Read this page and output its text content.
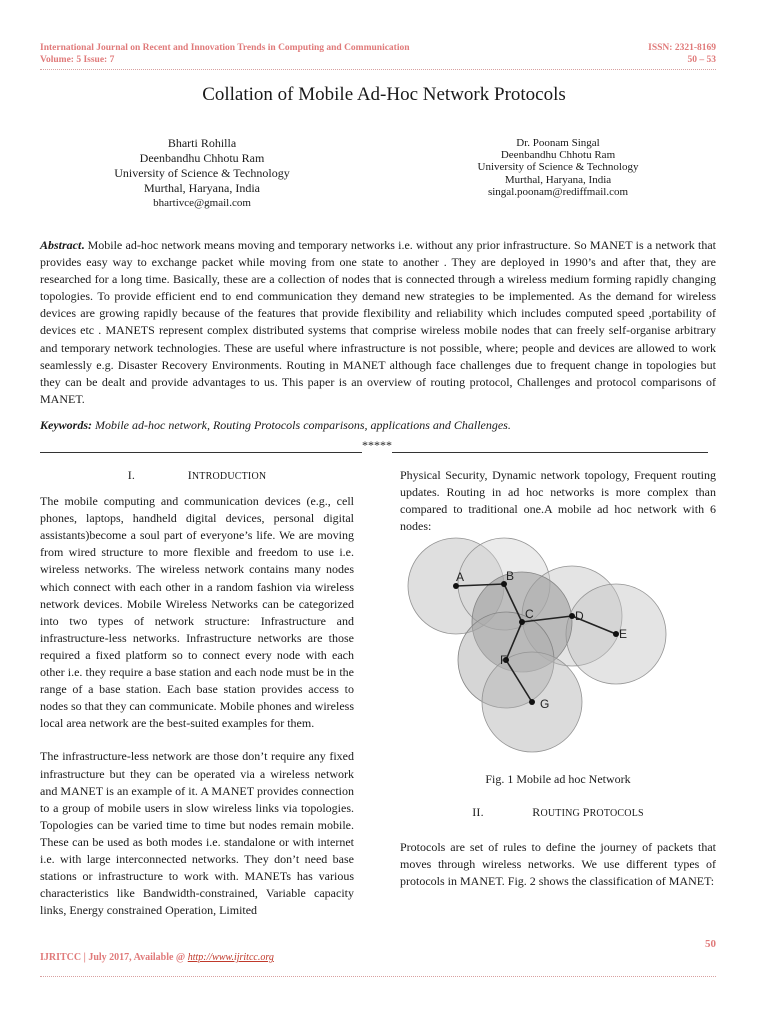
International Journal on Recent and Innovation Trends in Computing and Communication
Volume: 5 Issue: 7
ISSN: 2321-8169
50 – 53
Collation of Mobile Ad-Hoc Network Protocols
Bharti Rohilla
Deenbandhu Chhotu Ram
University of Science & Technology
Murthal, Haryana, India
bhartivce@gmail.com
Dr. Poonam Singal
Deenbandhu Chhotu Ram
University of Science & Technology
Murthal, Haryana, India
singal.poonam@rediffmail.com

Abstract. Mobile ad-hoc network means moving and temporary networks i.e. without any prior infrastructure. So MANET is a network that provides easy way to exchange packet while moving from one state to another . They are deployed in 1990’s and after that, they are researched for a long time. Basically, these are a collection of nodes that is connected through a wireless medium forming rapidly changing topologies. To provide efficient end to end communication they demand new strategies to be implemented. As the demand for wireless devices are growing rapidly because of the features that provide flexibility and reliability which includes computed speed ,portability of devices etc . MANETS represent complex distributed systems that comprise wireless mobile nodes that can freely self-organise arbitrary and temporary network technologies. These are useful where infrastructure is not possible, where; people and devices are allowed to work seamlessly e.g. Disaster Recovery Environments. Routing in MANET although face challenges due to frequent change in topologies but they can be dealt and provide advantages to us. This paper is an overview of routing protocol, Challenges and protocol comparisons of MANET.

Keywords: Mobile ad-hoc network, Routing Protocols comparisons, applications and Challenges.

*****
I.	INTRODUCTION

The mobile computing and communication devices (e.g., cell phones, laptops, handheld digital devices, personal digital assistants)become a soul part of everyone’s life. We are moving from wired structure to more flexible and freedom to use i.e. wireless networks. The wireless network contains many nodes which connect with each other in a random fashion via wireless network devices. Mobile Wireless Networks can be categorized into two types of network structure: Infrastructure and infrastructure-less networks. Infrastructure networks are those required a fixed platform so to connect every node with each other i.e. they require a base station and each node must be in the range of a base station. Each base station provides access to nodes so that they can communicate. Mobile phones and wireless local area network are the best-suited examples for them.

The infrastructure-less network are those don’t require any fixed infrastructure but they can be operated via a wireless network and MANET is an example of it. A MANET provides connection to a group of mobile users in slow wireless links via topologies. Topologies can be varied time to time but nodes remain mobile. These can be used as both modes i.e. standalone or with internet i.e. with large interconnected networks. They don’t need base stations or infrastructure to work with. MANETs has various characteristics like Bandwidth-constrained, Variable capacity links, Energy constrained Operation, Limited

Physical Security, Dynamic network topology, Frequent routing updates. Routing in ad hoc networks is more complex than compared to traditional one.A mobile ad hoc network with 6 nodes:

A	B
C	D
E
F
G
Fig. 1 Mobile ad hoc Network
II.	ROUTING PROTOCOLS

Protocols are set of rules to define the journey of packets that moves through wireless networks. We use different types of protocols in MANET. Fig. 2 shows the classification of MANET:

50
IJRITCC | July 2017, Available @ http://www.ijritcc.org
